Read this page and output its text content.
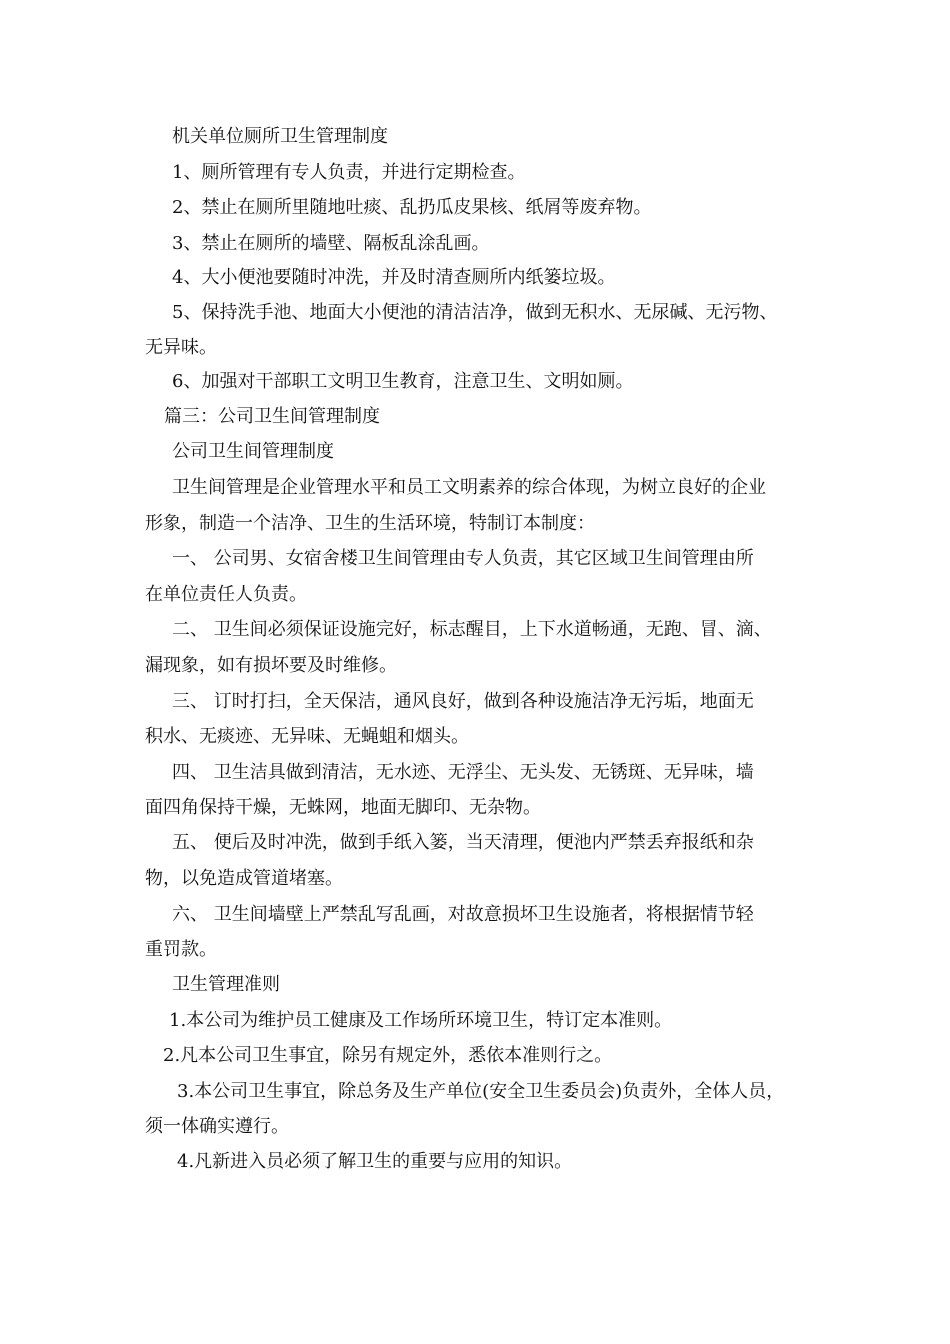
机关单位厕所卫生管理制度
1、厕所管理有专人负责，并进行定期检查。
2、禁止在厕所里随地吐痰、乱扔瓜皮果核、纸屑等废弃物。
3、禁止在厕所的墙壁、隔板乱涂乱画。
4、大小便池要随时冲洗，并及时清查厕所内纸篓垃圾。
5、保持洗手池、地面大小便池的清洁洁净，做到无积水、无尿碱、无污物、
无异味。
6、加强对干部职工文明卫生教育，注意卫生、文明如厕。
篇三：公司卫生间管理制度
公司卫生间管理制度
卫生间管理是企业管理水平和员工文明素养的综合体现，为树立良好的企业
形象，制造一个洁净、卫生的生活环境，特制订本制度：
一、 公司男、女宿舍楼卫生间管理由专人负责，其它区域卫生间管理由所
在单位责任人负责。
二、 卫生间必须保证设施完好，标志醒目，上下水道畅通，无跑、冒、滴、
漏现象，如有损坏要及时维修。
三、 订时打扫，全天保洁，通风良好，做到各种设施洁净无污垢，地面无
积水、无痰迹、无异味、无蝇蛆和烟头。
四、 卫生洁具做到清洁，无水迹、无浮尘、无头发、无锈斑、无异味，墙
面四角保持干燥，无蛛网，地面无脚印、无杂物。
五、 便后及时冲洗，做到手纸入篓，当天清理，便池内严禁丢弃报纸和杂
物，以免造成管道堵塞。
六、 卫生间墙壁上严禁乱写乱画，对故意损坏卫生设施者，将根据情节轻
重罚款。
卫生管理准则
1.本公司为维护员工健康及工作场所环境卫生，特订定本准则。
2.凡本公司卫生事宜，除另有规定外，悉依本准则行之。
3.本公司卫生事宜，除总务及生产单位(安全卫生委员会)负责外，全体人员，
须一体确实遵行。
4.凡新进入员必须了解卫生的重要与应用的知识。
